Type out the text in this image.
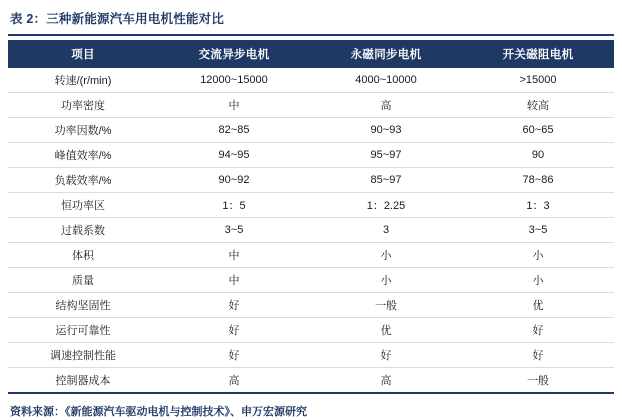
表 2：三种新能源汽车用电机性能对比
项目	交流异步电机	永磁同步电机	开关磁阻电机
转速/(r/min)	12000~15000	4000~10000	>15000
功率密度	中	高	较高
功率因数/%	82~85	90~93	60~65
峰值效率/%	94~95	95~97	90
负载效率/%	90~92	85~97	78~86
恒功率区	1：5	1：2.25	1：3
过载系数	3~5	3	3~5
体积	中	小	小
质量	中	小	小
结构坚固性	好	一般	优
运行可靠性	好	优	好
调速控制性能	好	好	好
控制器成本	高	高	一般
资料来源：《新能源汽车驱动电机与控制技术》、申万宏源研究
